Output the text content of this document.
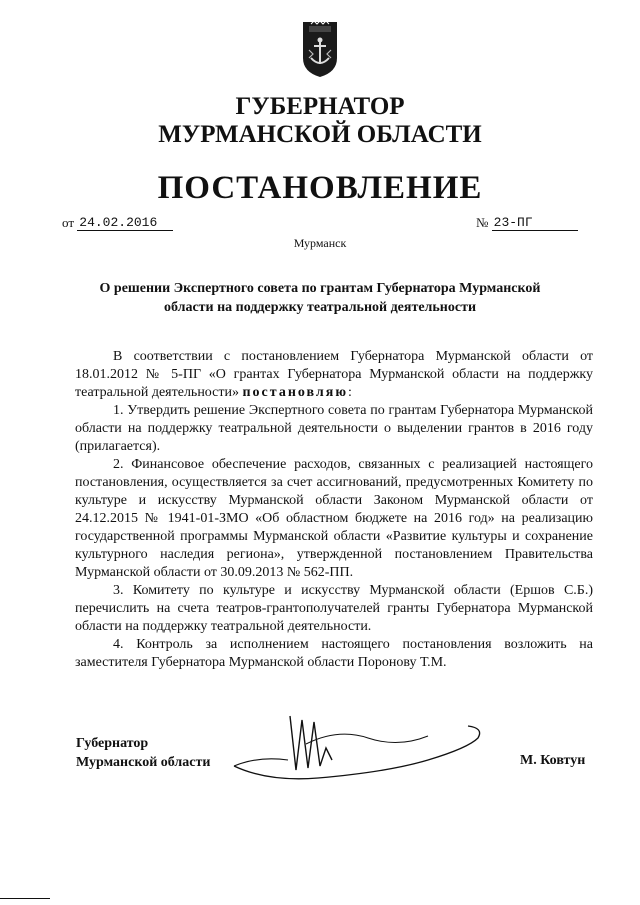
ГУБЕРНАТОР
МУРМАНСКОЙ ОБЛАСТИ
ПОСТАНОВЛЕНИЕ
от 24.02.2016	№ 23-ПГ
Мурманск
О решении Экспертного совета по грантам Губернатора Мурманской области на поддержку театральной деятельности

В соответствии с постановлением Губернатора Мурманской области от 18.01.2012 № 5-ПГ «О грантах Губернатора Мурманской области на поддержку театральной деятельности» постановляю:

1. Утвердить решение Экспертного совета по грантам Губернатора Мурманской области на поддержку театральной деятельности о выделении грантов в 2016 году (прилагается).

2. Финансовое обеспечение расходов, связанных с реализацией настоящего постановления, осуществляется за счет ассигнований, предусмотренных Комитету по культуре и искусству Мурманской области Законом Мурманской области от 24.12.2015 № 1941-01-ЗМО «Об областном бюджете на 2016 год» на реализацию государственной программы Мурманской области «Развитие культуры и сохранение культурного наследия региона», утвержденной постановлением Правительства Мурманской области от 30.09.2013 № 562-ПП.

3. Комитету по культуре и искусству Мурманской области (Ершов С.Б.) перечислить на счета театров-грантополучателей гранты Губернатора Мурманской области на поддержку театральной деятельности.

4. Контроль за исполнением настоящего постановления возложить на заместителя Губернатора Мурманской области Поронову Т.М.

Губернатор
Мурманской области	М. Ковтун
